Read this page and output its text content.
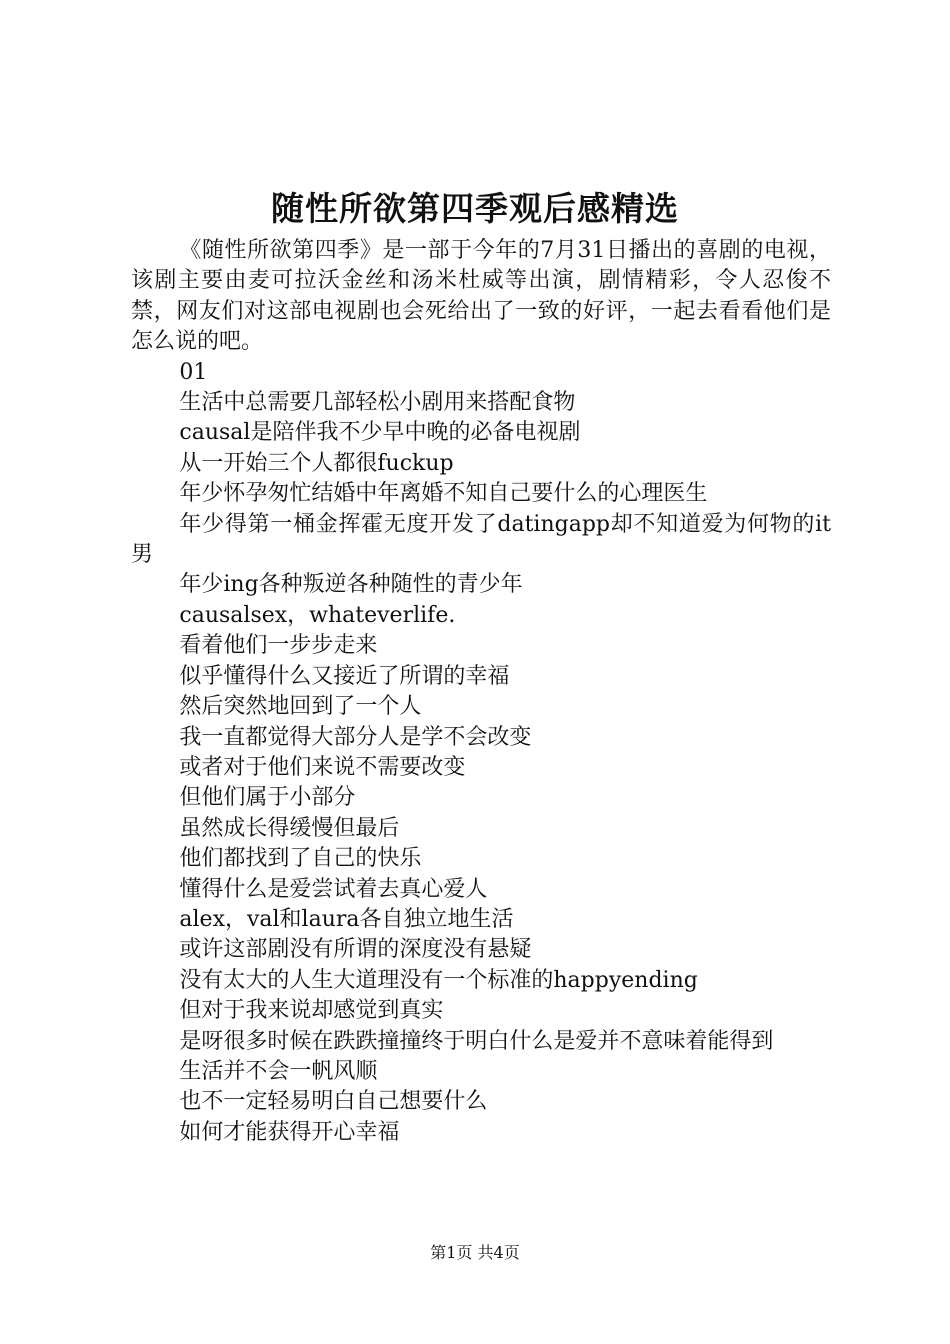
随性所欲第四季观后感精选

《随性所欲第四季》是一部于今年的7月31日播出的喜剧的电视，该剧主要由麦可拉沃金丝和汤米杜威等出演，剧情精彩，令人忍俊不禁，网友们对这部电视剧也会死给出了一致的好评，一起去看看他们是怎么说的吧。

01

生活中总需要几部轻松小剧用来搭配食物

causal是陪伴我不少早中晚的必备电视剧

从一开始三个人都很fuckup

年少怀孕匆忙结婚中年离婚不知自己要什么的心理医生

年少得第一桶金挥霍无度开发了datingapp却不知道爱为何物的it男

年少ing各种叛逆各种随性的青少年

causalsex，whateverlife.

看着他们一步步走来

似乎懂得什么又接近了所谓的幸福

然后突然地回到了一个人

我一直都觉得大部分人是学不会改变

或者对于他们来说不需要改变

但他们属于小部分

虽然成长得缓慢但最后

他们都找到了自己的快乐

懂得什么是爱尝试着去真心爱人

alex，val和laura各自独立地生活

或许这部剧没有所谓的深度没有悬疑

没有太大的人生大道理没有一个标准的happyending

但对于我来说却感觉到真实

是呀很多时候在跌跌撞撞终于明白什么是爱并不意味着能得到

生活并不会一帆风顺

也不一定轻易明白自己想要什么

如何才能获得开心幸福

第1页 共4页
